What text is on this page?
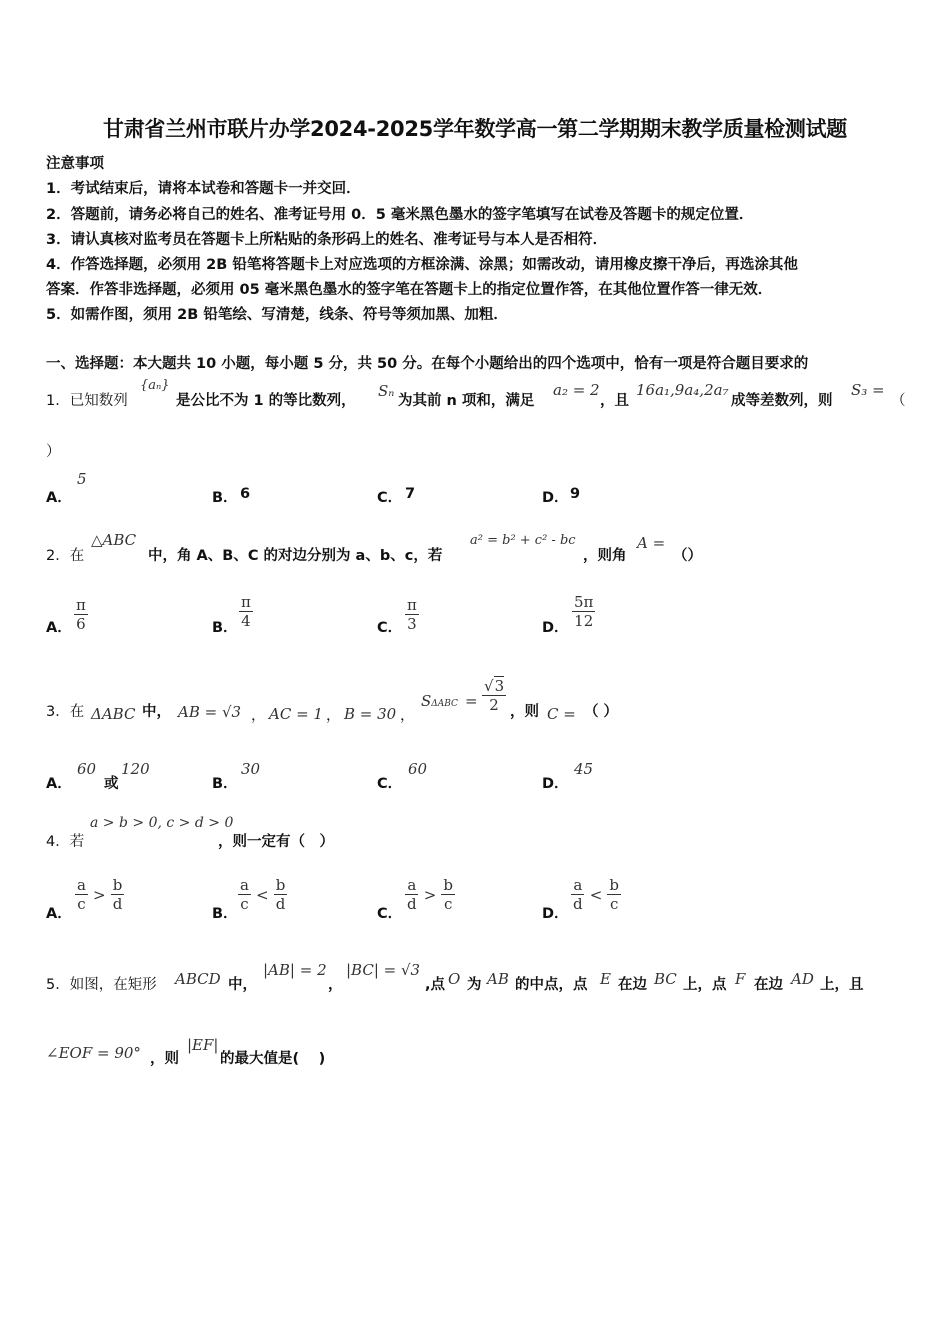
甘肃省兰州市联片办学2024-2025学年数学高一第二学期期末教学质量检测试题
注意事项
1．考试结束后，请将本试卷和答题卡一并交回．
2．答题前，请务必将自己的姓名、准考证号用 0．5 毫米黑色墨水的签字笔填写在试卷及答题卡的规定位置．
3．请认真核对监考员在答题卡上所粘贴的条形码上的姓名、准考证号与本人是否相符．
4．作答选择题，必须用 2B 铅笔将答题卡上对应选项的方框涂满、涂黑；如需改动，请用橡皮擦干净后，再选涂其他
答案．作答非选择题，必须用 05 毫米黑色墨水的签字笔在答题卡上的指定位置作答，在其他位置作答一律无效．
5．如需作图，须用 2B 铅笔绘、写清楚，线条、符号等须加黑、加粗．
一、选择题：本大题共 10 小题，每小题 5 分，共 50 分。在每个小题给出的四个选项中，恰有一项是符合题目要求的
1．已知数列
{aₙ}
是公比不为 1 的等比数列，
Sₙ
为其前 n 项和，满足
a₂ = 2
，且
16a₁,9a₄,2a₇
成等差数列，则
S₃ =
（
）
A．
5
B． 6	C． 7	D． 9
2．在
△ABC
中，角 A、B、C 的对边分别为 a、b、c，若
a² = b² + c² - bc
，则角
A =
（）
A． $\frac{\pi}{6}$	B． $\frac{\pi}{4}$	C． $\frac{\pi}{3}$	D． $\frac{5\pi}{12}$
3．在 ΔABC 中， AB = √3 ， AC = 1 ， B = 30 ，
$S\Delta ABC = \frac{√3}{2}$ ，则 C = （ ）
A．
60
或
120
B．
30
C．
60
D．
45
4．若
a > b > 0, c > d > 0
，则一定有（　）
A．
$\frac{a}{c}$
>
$\frac{b}{d}$
B．
$\frac{a}{c}$
<
$\frac{b}{d}$
C．
$\frac{a}{d}$
>
$\frac{b}{c}$
D．
$\frac{a}{d}$
<
$\frac{b}{c}$
5．如图，在矩形 ABCD 中，
|AB| = 2
，
|BC| = √3
,点 O 为 AB 的中点，点 E 在边 BC 上，点 F 在边 AD 上，且
∠EOF = 90° ，则
|EF|
的最大值是(　 )
